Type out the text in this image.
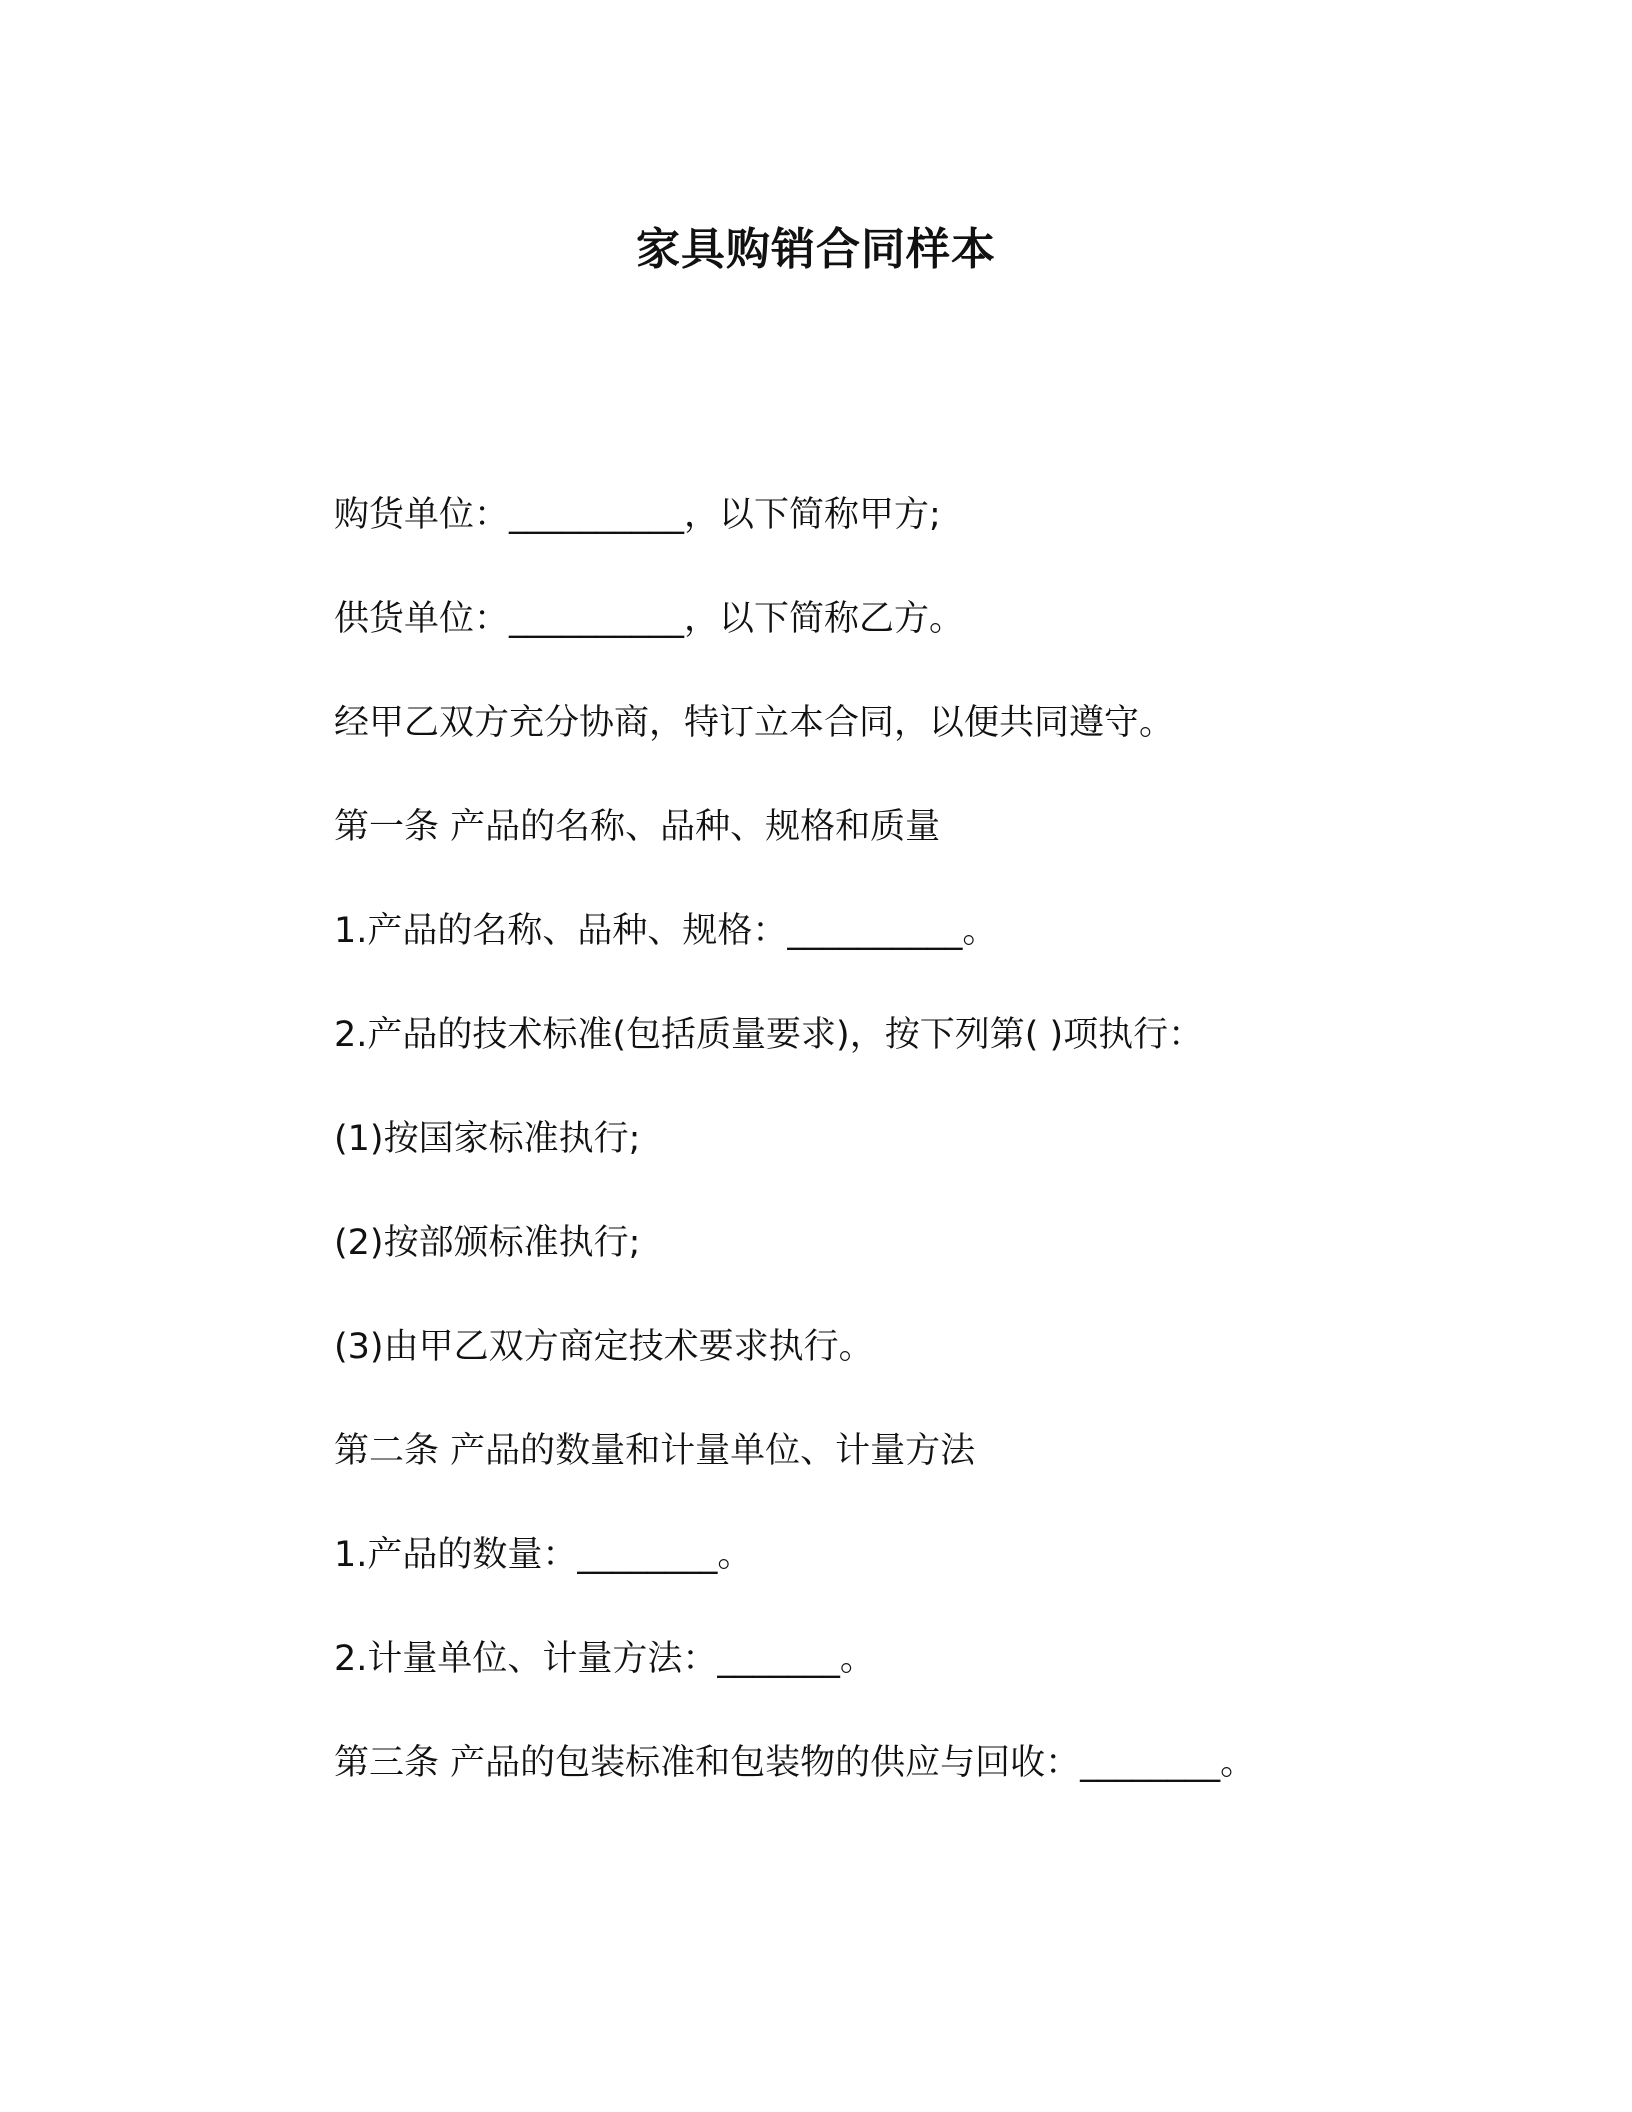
家具购销合同样本

购货单位：__________，以下简称甲方;

供货单位：__________，以下简称乙方。

经甲乙双方充分协商，特订立本合同，以便共同遵守。

第一条 产品的名称、品种、规格和质量

1.产品的名称、品种、规格：__________。

2.产品的技术标准(包括质量要求)，按下列第( )项执行：

(1)按国家标准执行;

(2)按部颁标准执行;

(3)由甲乙双方商定技术要求执行。

第二条 产品的数量和计量单位、计量方法

1.产品的数量：________。

2.计量单位、计量方法：_______。

第三条 产品的包装标准和包装物的供应与回收：________。
